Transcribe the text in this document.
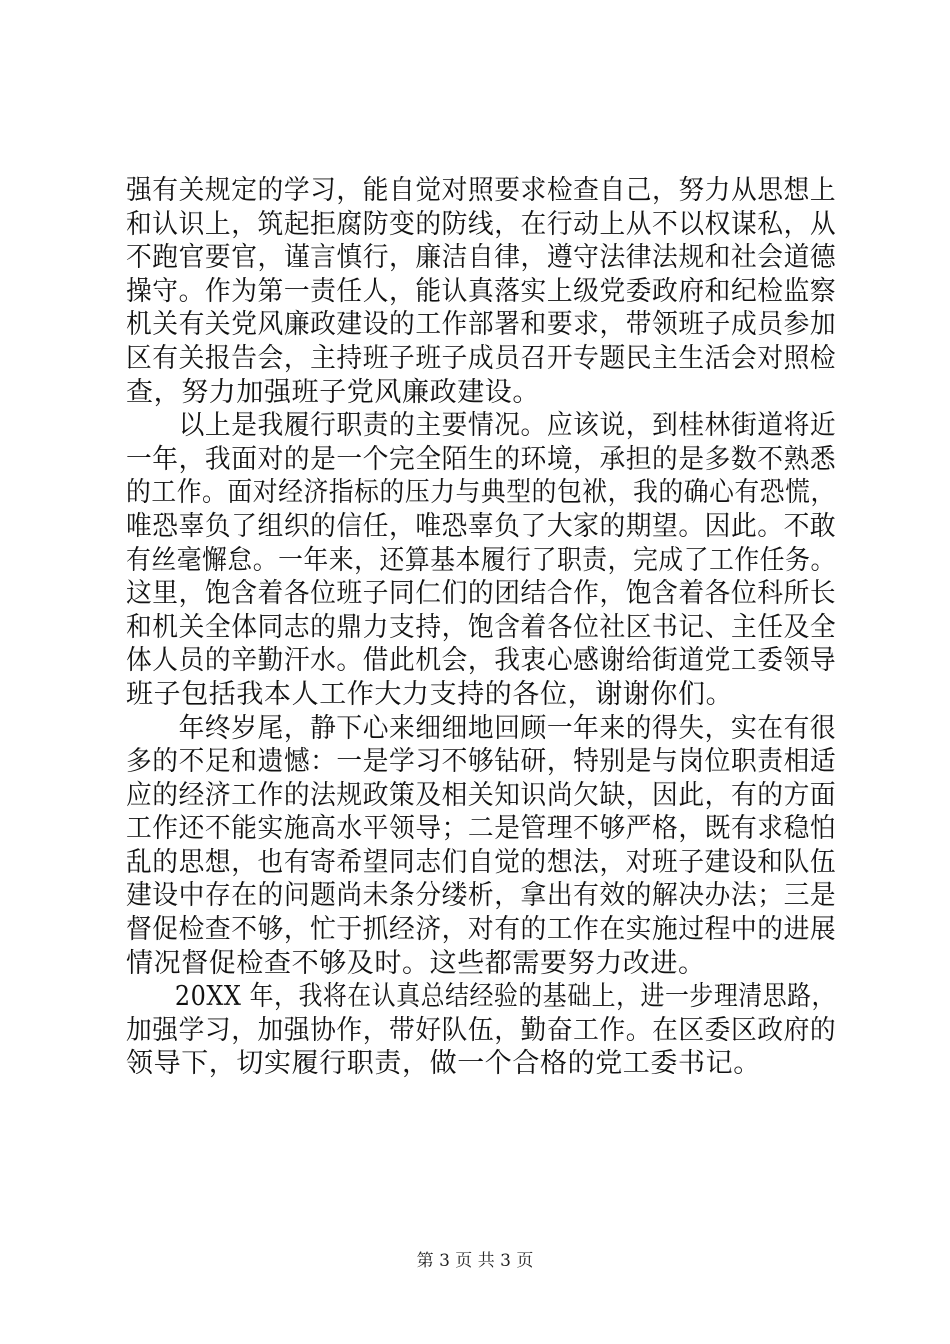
强有关规定的学习，能自觉对照要求检查自己，努力从思想上
和认识上，筑起拒腐防变的防线，在行动上从不以权谋私，从
不跑官要官，谨言慎行，廉洁自律，遵守法律法规和社会道德
操守。作为第一责任人，能认真落实上级党委政府和纪检监察
机关有关党风廉政建设的工作部署和要求，带领班子成员参加
区有关报告会，主持班子班子成员召开专题民主生活会对照检
查，努力加强班子党风廉政建设。
　　以上是我履行职责的主要情况。应该说，到桂林街道将近
一年，我面对的是一个完全陌生的环境，承担的是多数不熟悉
的工作。面对经济指标的压力与典型的包袱，我的确心有恐慌，
唯恐辜负了组织的信任，唯恐辜负了大家的期望。因此。不敢
有丝毫懈怠。一年来，还算基本履行了职责，完成了工作任务。
这里，饱含着各位班子同仁们的团结合作，饱含着各位科所长
和机关全体同志的鼎力支持，饱含着各位社区书记、主任及全
体人员的辛勤汗水。借此机会，我衷心感谢给街道党工委领导
班子包括我本人工作大力支持的各位，谢谢你们。
　　年终岁尾，静下心来细细地回顾一年来的得失，实在有很
多的不足和遗憾：一是学习不够钻研，特别是与岗位职责相适
应的经济工作的法规政策及相关知识尚欠缺，因此，有的方面
工作还不能实施高水平领导；二是管理不够严格，既有求稳怕
乱的思想，也有寄希望同志们自觉的想法，对班子建设和队伍
建设中存在的问题尚未条分缕析，拿出有效的解决办法；三是
督促检查不够，忙于抓经济，对有的工作在实施过程中的进展
情况督促检查不够及时。这些都需要努力改进。
　　20XX 年，我将在认真总结经验的基础上，进一步理清思路，
加强学习，加强协作，带好队伍，勤奋工作。在区委区政府的
领导下，切实履行职责，做一个合格的党工委书记。
第 3 页 共 3 页
